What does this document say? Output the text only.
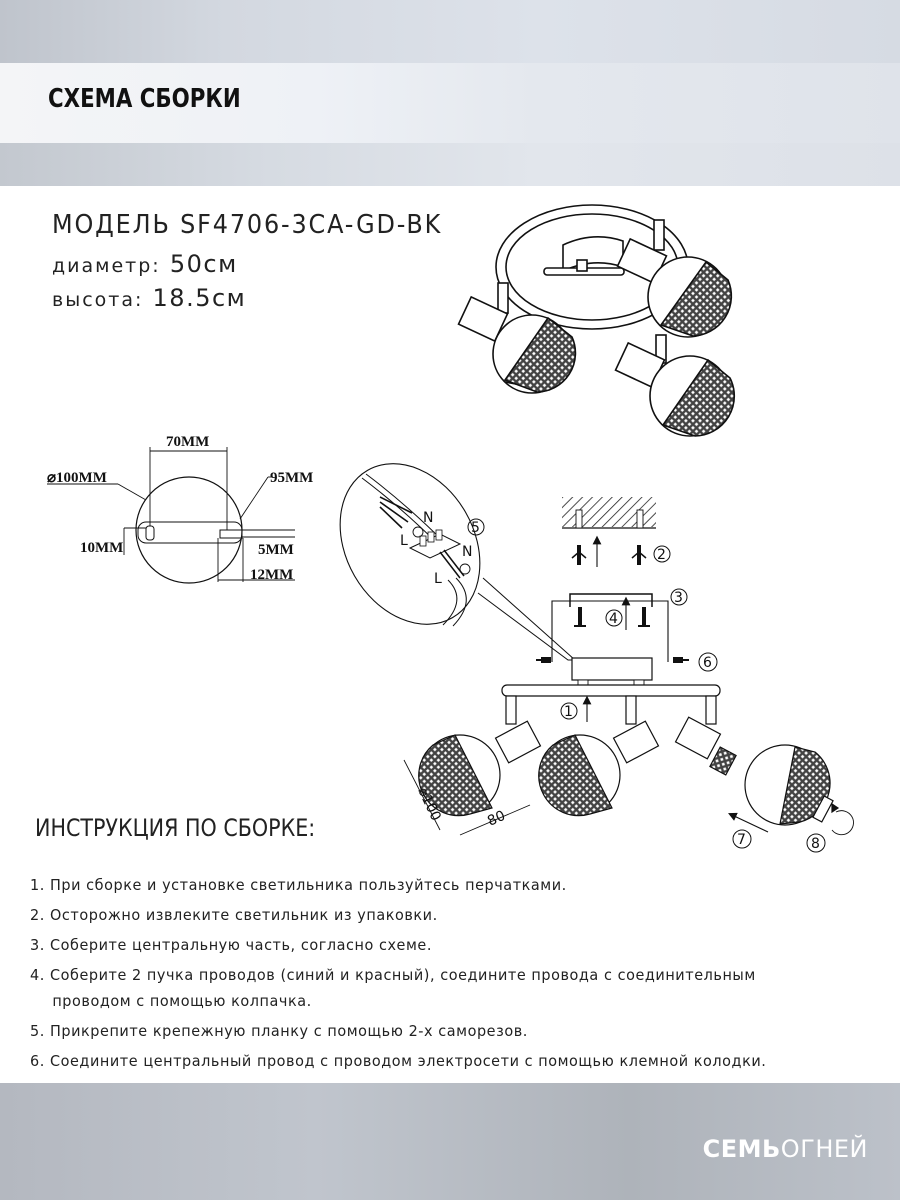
СХЕМА СБОРКИ
МОДЕЛЬ SF4706-3CA-GD-BK
диаметр: 50см
высота: 18.5см
70MM
⌀100MM	95MM
10MM	5MM
12MM
N
L
N
L
5
2
4
3
6
1
⌀100	80
7	8
ИНСТРУКЦИЯ ПО СБОРКЕ:
1. При сборке и установке светильника пользуйтесь перчатками.
2. Осторожно извлеките светильник из упаковки.
3. Соберите центральную часть, согласно схеме.
4. Соберите 2 пучка проводов (синий и красный), соедините провода с соединительным
проводом с помощью колпачка.
5. Прикрепите крепежную планку с помощью 2-х саморезов.
6. Соедините центральный провод с проводом электросети с помощью клемной колодки.
СЕМЬОГНЕЙ
